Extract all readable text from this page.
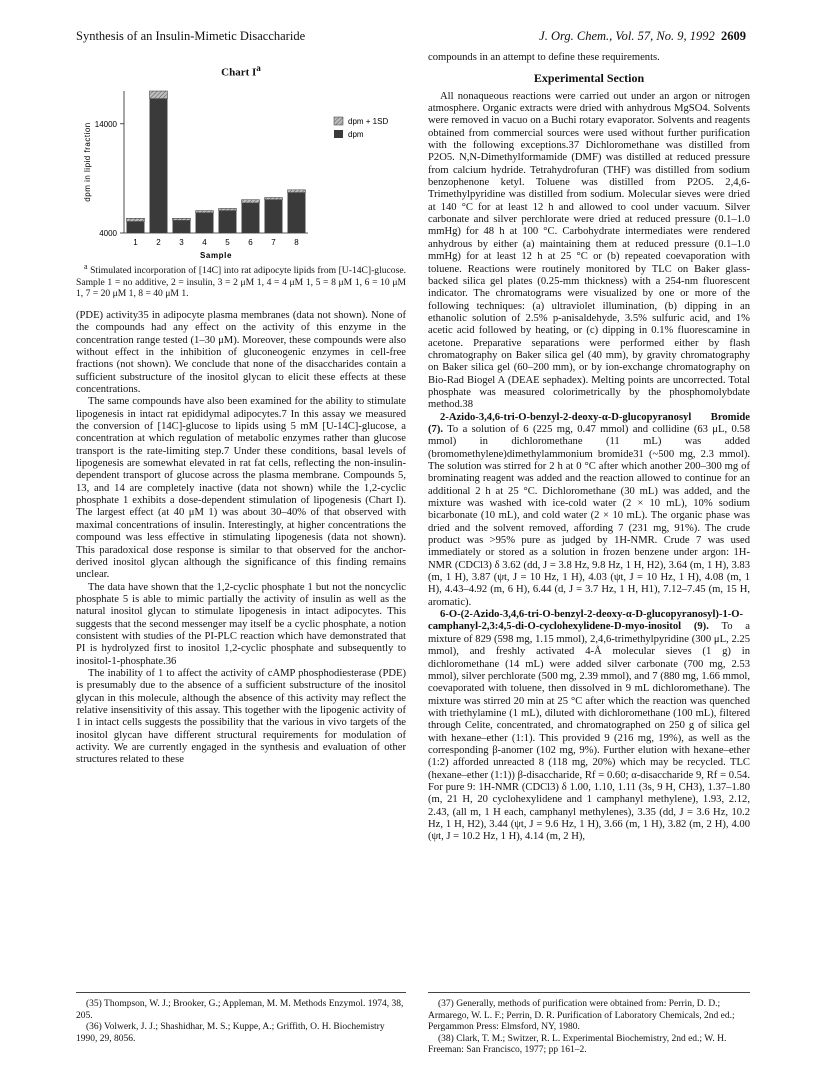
Synthesis of an Insulin-Mimetic Disaccharide	J. Org. Chem., Vol. 57, No. 9, 1992 2609
Chart $I^a$
4000
14000
1 2 3 4 5 6 7 8
Sample
dpm in lipid fraction
dpm + 1SD
dpm

$^a$ Stimulated incorporation of [14C] into rat adipocyte lipids from [U-14C]-glucose. Sample 1 = no additive, 2 = insulin, 3 = 2 μM 1, 4 = 4 μM 1, 5 = 8 μM 1, 6 = 10 μM 1, 7 = 20 μM 1, 8 = 40 μM 1.

(PDE) activity35 in adipocyte plasma membranes (data not shown). None of the compounds had any effect on the activity of this enzyme in the concentration range tested (1–30 μM). Moreover, these compounds were also without effect in the inhibition of gluconeogenic enzymes in cell-free fractions (not shown). We conclude that none of the disaccharides contain a sufficient substructure of the inositol glycan to elicit these effects at these concentrations.

The same compounds have also been examined for the ability to stimulate lipogenesis in intact rat epididymal adipocytes.7 In this assay we measured the conversion of [14C]-glucose to lipids using 5 mM [U-14C]-glucose, a concentration at which regulation of metabolic enzymes rather than glucose transport is the rate-limiting step.7 Under these conditions, basal levels of lipogenesis are somewhat elevated in rat fat cells, reflecting the non-insulin-dependent transport of glucose across the plasma membrane. Compounds 5, 13, and 14 are completely inactive (data not shown) while the 1,2-cyclic phosphate 1 exhibits a dose-dependent stimulation of lipogenesis (Chart I). The largest effect (at 40 μM 1) was about 30–40% of that observed with maximal concentrations of insulin. Interestingly, at higher concentrations the compound was less effective in stimulating lipogenesis (data not shown). This paradoxical dose response is similar to that observed for the anchor-derived inositol glycan although the significance of this finding remains unclear.

The data have shown that the 1,2-cyclic phosphate 1 but not the noncyclic phosphate 5 is able to mimic partially the activity of insulin as well as the natural inositol glycan to stimulate lipogenesis in intact adipocytes. This suggests that the second messenger may itself be a cyclic phosphate, a notion consistent with studies of the PI-PLC reaction which have demonstrated that PI is hydrolyzed first to inositol 1,2-cyclic phosphate and subsequently to inositol-1-phosphate.36

The inability of 1 to affect the activity of cAMP phosphodiesterase (PDE) is presumably due to the absence of a sufficient substructure of the inositol glycan in this molecule, although the absence of this activity may reflect the relative insensitivity of this assay. This together with the lipogenic activity of 1 in intact cells suggests the possibility that the various in vivo targets of the inositol glycan have different structural requirements for modulation of activity. We are currently engaged in the synthesis and evaluation of other structures related to these

compounds in an attempt to define these requirements.

Experimental Section

All nonaqueous reactions were carried out under an argon or nitrogen atmosphere. Organic extracts were dried with anhydrous MgSO4. Solvents were removed in vacuo on a Buchi rotary evaporator. Solvents and reagents obtained from commercial sources were used without further purification with the following exceptions.37 Dichloromethane was distilled from P2O5. N,N-Dimethylformamide (DMF) was distilled at reduced pressure from calcium hydride. Tetrahydrofuran (THF) was distilled from sodium benzophenone ketyl. Toluene was distilled from P2O5. 2,4,6-Trimethylpyridine was distilled from sodium. Molecular sieves were dried at 140 °C for at least 12 h and allowed to cool under vacuum. Silver carbonate and silver perchlorate were dried at reduced pressure (0.1–1.0 mmHg) for 48 h at 100 °C. Carbohydrate intermediates were rendered anhydrous by either (a) maintaining them at reduced pressure (0.1–1.0 mmHg) for at least 12 h at 25 °C or (b) repeated coevaporation with toluene. Reactions were routinely monitored by TLC on Baker glass-backed silica gel plates (0.25-mm thickness) with a 254-nm fluorescent indicator. The chromatograms were visualized by one or more of the following techniques: (a) ultraviolet illumination, (b) dipping in an ethanolic solution of 2.5% p-anisaldehyde, 3.5% sulfuric acid, and 1% acetic acid followed by heating, or (c) dipping in 0.1% fluorescamine in acetone. Preparative separations were performed either by flash chromatography on Baker silica gel (40 mm), by gravity chromatography on Baker silica gel (60–200 mm), or by ion-exchange chromatography on Bio-Rad Biogel A (DEAE sephadex). Melting points are uncorrected. Total phosphate was measured colorimetrically by the phosphomolybdate method.38

2-Azido-3,4,6-tri-O-benzyl-2-deoxy-α-D-glucopyranosyl Bromide (7). To a solution of 6 (225 mg, 0.47 mmol) and collidine (63 μL, 0.58 mmol) in dichloromethane (11 mL) was added (bromomethylene)dimethylammonium bromide31 (~500 mg, 2.3 mmol). The solution was stirred for 2 h at 0 °C after which another 200–300 mg of brominating reagent was added and the reaction allowed to continue for an additional 2 h at 25 °C. Dichloromethane (30 mL) was added, and the mixture was washed with ice-cold water (2 × 10 mL), 10% sodium bicarbonate (10 mL), and cold water (2 × 10 mL). The organic phase was dried and the solvent removed, affording 7 (231 mg, 91%). The crude product was >95% pure as judged by 1H-NMR. Crude 7 was used immediately or stored as a solution in frozen benzene under argon: 1H-NMR (CDCl3) δ 3.62 (dd, J = 3.8 Hz, 9.8 Hz, 1 H, H2), 3.64 (m, 1 H), 3.83 (m, 1 H), 3.87 (ψt, J = 10 Hz, 1 H), 4.03 (ψt, J = 10 Hz, 1 H), 4.08 (m, 1 H), 4.43–4.92 (m, 6 H), 6.44 (d, J = 3.7 Hz, 1 H, H1), 7.12–7.45 (m, 15 H, aromatic).

6-O-(2-Azido-3,4,6-tri-O-benzyl-2-deoxy-α-D-glucopyranosyl)-1-O-camphanyl-2,3:4,5-di-O-cyclohexylidene-D-myo-inositol (9). To a mixture of 829 (598 mg, 1.15 mmol), 2,4,6-trimethylpyridine (300 μL, 2.25 mmol), and freshly activated 4-Å molecular sieves (1 g) in dichloromethane (14 mL) were added silver carbonate (700 mg, 2.53 mmol), silver perchlorate (500 mg, 2.39 mmol), and 7 (880 mg, 1.66 mmol, coevaporated with toluene, then dissolved in 9 mL dichloromethane). The mixture was stirred 20 min at 25 °C after which the reaction was quenched with triethylamine (1 mL), diluted with dichloromethane (100 mL), filtered through Celite, concentrated, and chromatographed on 250 g of silica gel with hexane–ether (1:1). This provided 9 (216 mg, 19%), as well as the corresponding β-anomer (102 mg, 9%). Further elution with hexane–ether (1:2) afforded unreacted 8 (118 mg, 20%) which may be recycled. TLC (hexane–ether (1:1)) β-disaccharide, Rf = 0.60; α-disaccharide 9, Rf = 0.54. For pure 9: 1H-NMR (CDCl3) δ 1.00, 1.10, 1.11 (3s, 9 H, CH3), 1.37–1.80 (m, 21 H, 20 cyclohexylidene and 1 camphanyl methylene), 1.93, 2.12, 2.43, (all m, 1 H each, camphanyl methylenes), 3.35 (dd, J = 3.6 Hz, 10.2 Hz, 1 H, H2), 3.44 (ψt, J = 9.6 Hz, 1 H), 3.66 (m, 1 H), 3.82 (m, 2 H), 4.00 (ψt, J = 10.2 Hz, 1 H), 4.14 (m, 2 H),

(35) Thompson, W. J.; Brooker, G.; Appleman, M. M. Methods Enzymol. 1974, 38, 205.

(36) Volwerk, J. J.; Shashidhar, M. S.; Kuppe, A.; Griffith, O. H. Biochemistry 1990, 29, 8056.

(37) Generally, methods of purification were obtained from: Perrin, D. D.; Armarego, W. L. F.; Perrin, D. R. Purification of Laboratory Chemicals, 2nd ed.; Pergammon Press: Elmsford, NY, 1980.

(38) Clark, T. M.; Switzer, R. L. Experimental Biochemistry, 2nd ed.; W. H. Freeman: San Francisco, 1977; pp 161–2.
